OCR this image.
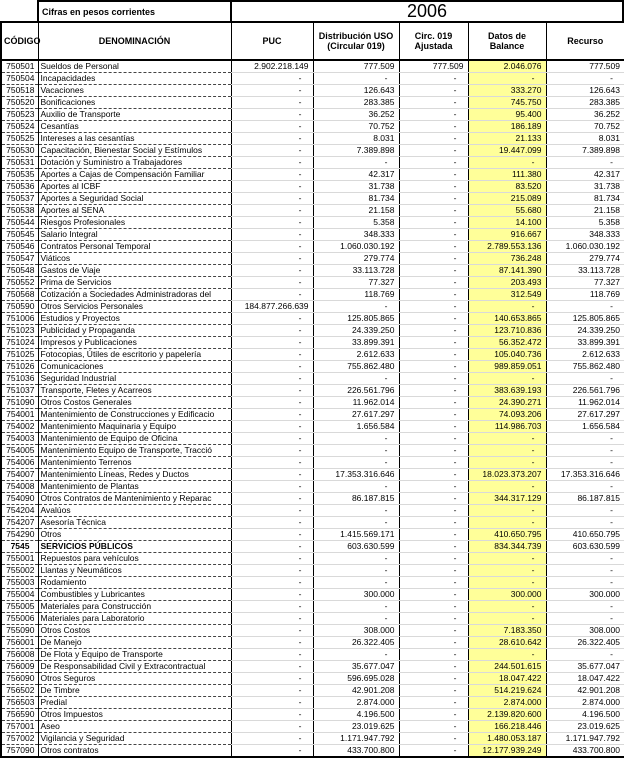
Cifras en pesos corrientes	2006
CÓDIGO	DENOMINACIÓN	PUC	Distribución USO (Circular 019)	Circ. 019 Ajustada	Datos de Balance	Recurso
750501	Sueldos de Personal	2.902.218.149	777.509	777.509	2.046.076	777.509
750504	Incapacidades	-	-	-	-	-
750518	Vacaciones	-	126.643	-	333.270	126.643
750520	Bonificaciones	-	283.385	-	745.750	283.385
750523	Auxilio de Transporte	-	36.252	-	95.400	36.252
750524	Cesantías	-	70.752	-	186.189	70.752
750525	Intereses a las cesantías	-	8.031	-	21.133	8.031
750530	Capacitación, Bienestar Social y Estímulos	-	7.389.898	-	19.447.099	7.389.898
750531	Dotación y Suministro a Trabajadores	-	-	-	-	-
750535	Aportes a Cajas de Compensación Familiar	-	42.317	-	111.380	42.317
750536	Aportes al ICBF	-	31.738	-	83.520	31.738
750537	Aportes a Seguridad Social	-	81.734	-	215.089	81.734
750538	Aportes al SENA	-	21.158	-	55.680	21.158
750544	Riesgos Profesionales	-	5.358	-	14.100	5.358
750545	Salario Integral	-	348.333	-	916.667	348.333
750546	Contratos Personal Temporal	-	1.060.030.192	-	2.789.553.136	1.060.030.192
750547	Viáticos	-	279.774	-	736.248	279.774
750548	Gastos de Viaje	-	33.113.728	-	87.141.390	33.113.728
750552	Prima de Servicios	-	77.327	-	203.493	77.327
750568	Cotización a Sociedades Administradoras del	-	118.769	-	312.549	118.769
750590	Otros Servicios Personales	184.877.266.639	-	-	-	-
751006	Estudios y Proyectos	-	125.805.865	-	140.653.865	125.805.865
751023	Publicidad y Propaganda	-	24.339.250	-	123.710.836	24.339.250
751024	Impresos y Publicaciones	-	33.899.391	-	56.352.472	33.899.391
751025	Fotocopias, Útiles de escritorio y papelería	-	2.612.633	-	105.040.736	2.612.633
751026	Comunicaciones	-	755.862.480	-	989.859.051	755.862.480
751036	Seguridad Industrial	-	-	-	-	-
751037	Transporte, Fletes y Acarreos	-	226.561.796	-	383.639.193	226.561.796
751090	Otros Costos Generales	-	11.962.014	-	24.390.271	11.962.014
754001	Mantenimiento de Construcciones y Edificacio	-	27.617.297	-	74.093.206	27.617.297
754002	Mantenimiento Maquinaria y Equipo	-	1.656.584	-	114.986.703	1.656.584
754003	Mantenimiento de Equipo de Oficina	-	-	-	-	-
754005	Mantenimiento Equipo de Transporte, Tracció	-	-	-	-	-
754006	Mantenimiento Terrenos	-	-	-	-	-
754007	Mantenimiento Líneas, Redes y Ductos	-	17.353.316.646	-	18.023.373.207	17.353.316.646
754008	Mantenimiento de Plantas	-	-	-	-	-
754090	Otros Contratos de Mantenimiento y Reparac	-	86.187.815	-	344.317.129	86.187.815
754204	Avalúos	-	-	-	-	-
754207	Asesoría Técnica	-	-	-	-	-
754290	Otros	-	1.415.569.171	-	410.650.795	410.650.795
7545	SERVICIOS PÚBLICOS	-	603.630.599	-	834.344.739	603.630.599
755001	Repuestos para vehículos	-	-	-	-	-
755002	Llantas y Neumáticos	-	-	-	-	-
755003	Rodamiento	-	-	-	-	-
755004	Combustibles y Lubricantes	-	300.000	-	300.000	300.000
755005	Materiales para Construcción	-	-	-	-	-
755006	Materiales para Laboratorio	-	-	-	-	-
755090	Otros Costos	-	308.000	-	7.183.350	308.000
756001	De Manejo	-	26.322.405	-	28.610.642	26.322.405
756008	De Flota y Equipo de Transporte	-	-	-	-	-
756009	De Responsabilidad Civil y Extracontractual	-	35.677.047	-	244.501.615	35.677.047
756090	Otros Seguros	-	596.695.028	-	18.047.422	18.047.422
756502	De Timbre	-	42.901.208	-	514.219.624	42.901.208
756503	Predial	-	2.874.000	-	2.874.000	2.874.000
756590	Otros Impuestos	-	4.196.500	-	2.139.820.600	4.196.500
757001	Aseo	-	23.019.625	-	166.218.446	23.019.625
757002	Vigilancia y Seguridad	-	1.171.947.792	-	1.480.053.187	1.171.947.792
757090	Otros contratos	-	433.700.800	-	12.177.939.249	433.700.800
